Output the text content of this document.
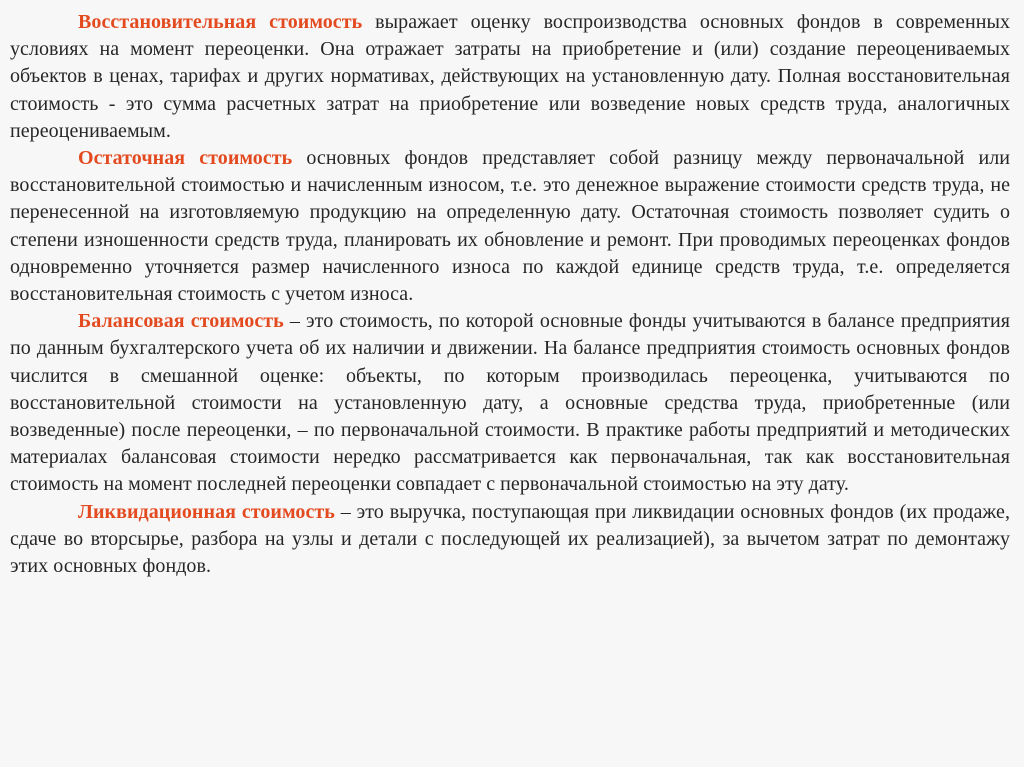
Восстановительная стоимость выражает оценку воспроизводства основных фондов в современных условиях на момент переоценки. Она отражает затраты на приобретение и (или) создание переоцениваемых объектов в ценах, тарифах и других нормативах, действующих на установленную дату. Полная восстановительная стоимость - это сумма расчетных затрат на приобретение или возведение новых средств труда, аналогичных переоцениваемым.

Остаточная стоимость основных фондов представляет собой разницу между первоначальной или восстановительной стоимостью и начисленным износом, т.е. это денежное выражение стоимости средств труда, не перенесенной на изготовляемую продукцию на определенную дату. Остаточная стоимость позволяет судить о степени изношенности средств труда, планировать их обновление и ремонт. При проводимых переоценках фондов одновременно уточняется размер начисленного износа по каждой единице средств труда, т.е. определяется восстановительная стоимость с учетом износа.

Балансовая стоимость – это стоимость, по которой основные фонды учитываются в балансе предприятия по данным бухгалтерского учета об их наличии и движении. На балансе предприятия стоимость основных фондов числится в смешанной оценке: объекты, по которым производилась переоценка, учитываются по восстановительной стоимости на установленную дату, а основные средства труда, приобретенные (или возведенные) после переоценки, – по первоначальной стоимости. В практике работы предприятий и методических материалах балансовая стоимости нередко рассматривается как первоначальная, так как восстановительная стоимость на момент последней переоценки совпадает с первоначальной стоимостью на эту дату.

Ликвидационная стоимость – это выручка, поступающая при ликвидации основных фондов (их продаже, сдаче во вторсырье, разбора на узлы и детали с последующей их реализацией), за вычетом затрат по демонтажу этих основных фондов.
